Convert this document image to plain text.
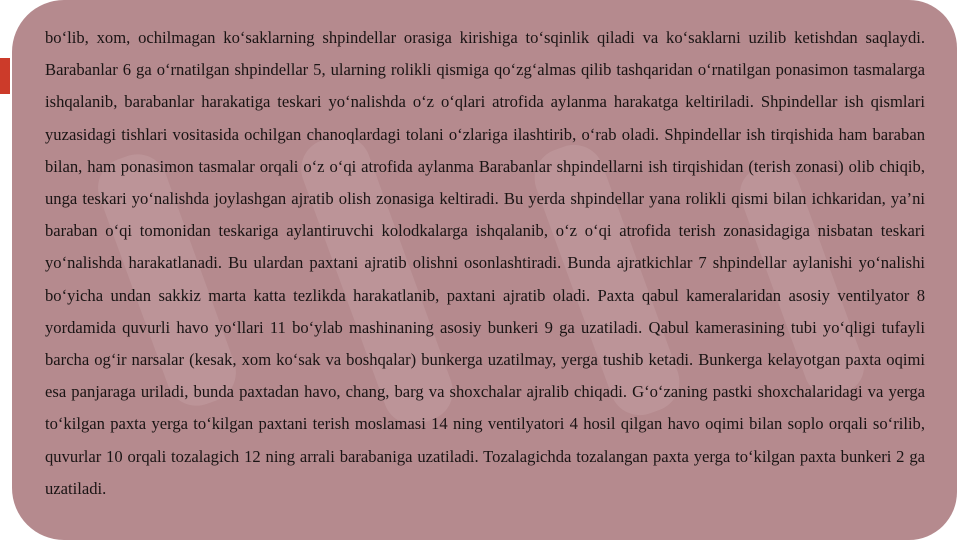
bo‘lib, xom, ochilmagan ko‘saklarning shpindellar orasiga kirishiga to‘sqinlik qiladi va ko‘saklarni uzilib ketishdan saqlaydi. Barabanlar 6 ga o‘rnatilgan shpindellar 5, ularning rolikli qismiga qo‘zg‘almas qilib tashqaridan o‘rnatilgan ponasimon tasmalarga ishqalanib, barabanlar harakatiga teskari yo‘nalishda o‘z o‘qlari atrofida aylanma harakatga keltiriladi. Shpindellar ish qismlari yuzasidagi tishlari vositasida ochilgan chanoqlardagi tolani o‘zlariga ilashtirib, o‘rab oladi. Shpindellar ish tirqishida ham baraban bilan, ham ponasimon tasmalar orqali o‘z o‘qi atrofida aylanma Barabanlar shpindellarni ish tirqishidan (terish zonasi) olib chiqib, unga teskari yo‘nalishda joylashgan ajratib olish zonasiga keltiradi. Bu yerda shpindellar yana rolikli qismi bilan ichkaridan, ya’ni baraban o‘qi tomonidan teskariga aylantiruvchi kolodkalarga ishqalanib, o‘z o‘qi atrofida terish zonasidagiga nisbatan teskari yo‘nalishda harakatlanadi. Bu ulardan paxtani ajratib olishni osonlashtiradi. Bunda ajratkichlar 7 shpindellar aylanishi yo‘nalishi bo‘yicha undan sakkiz marta katta tezlikda harakatlanib, paxtani ajratib oladi. Paxta qabul kameralaridan asosiy ventilyator 8 yordamida quvurli havo yo‘llari 11 bo‘ylab mashinaning asosiy bunkeri 9 ga uzatiladi. Qabul kamerasining tubi yo‘qligi tufayli barcha og‘ir narsalar (kesak, xom ko‘sak va boshqalar) bunkerga uzatilmay, yerga tushib ketadi. Bunkerga kelayotgan paxta oqimi esa panjaraga uriladi, bunda paxtadan havo, chang, barg va shoxchalar ajralib chiqadi. G‘o‘zaning pastki shoxchalaridagi va yerga to‘kilgan paxta yerga to‘kilgan paxtani terish moslamasi 14 ning ventilyatori 4 hosil qilgan havo oqimi bilan soplo orqali so‘rilib, quvurlar 10 orqali tozalagich 12 ning arrali barabaniga uzatiladi. Tozalagichda tozalangan paxta yerga to‘kilgan paxta bunkeri 2 ga uzatiladi.
